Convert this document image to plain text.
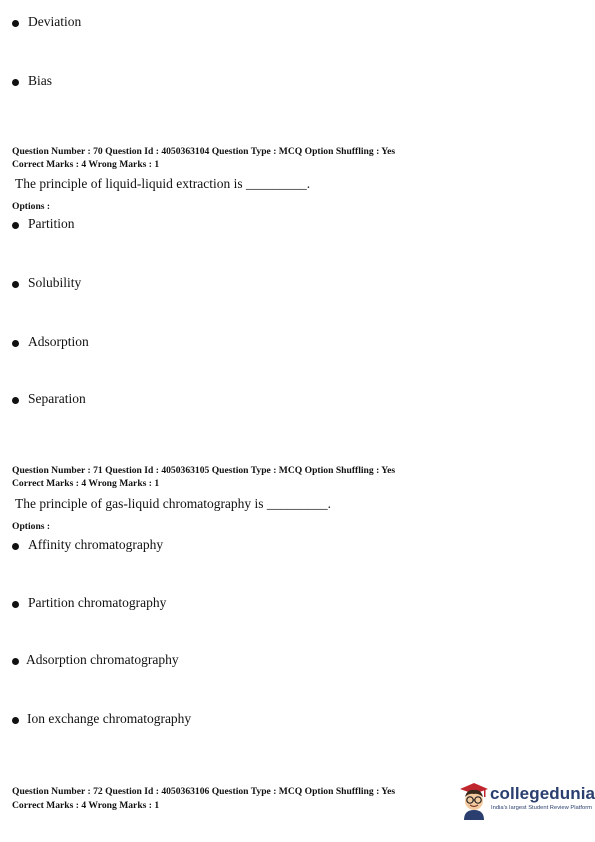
Deviation
Bias
Question Number : 70 Question Id : 4050363104 Question Type : MCQ Option Shuffling : Yes
Correct Marks : 4 Wrong Marks : 1
The principle of liquid-liquid extraction is _________.
Options :
Partition
Solubility
Adsorption
Separation
Question Number : 71 Question Id : 4050363105 Question Type : MCQ Option Shuffling : Yes
Correct Marks : 4 Wrong Marks : 1
The principle of gas-liquid chromatography is _________.
Options :
Affinity chromatography
Partition chromatography
Adsorption chromatography
Ion exchange chromatography
Question Number : 72 Question Id : 4050363106 Question Type : MCQ Option Shuffling : Yes
Correct Marks : 4 Wrong Marks : 1
collegedunia
India's largest Student Review Platform
